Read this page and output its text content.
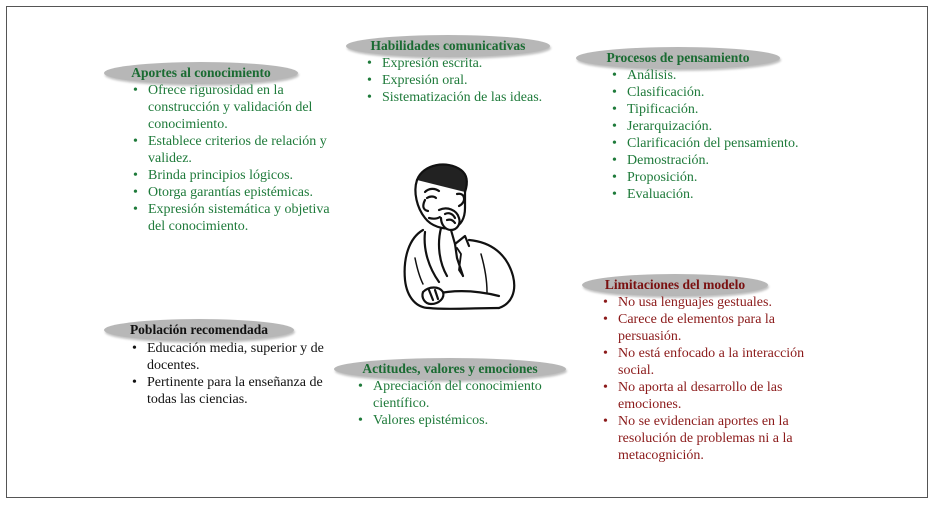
Aportes al conocimiento
• Ofrece rigurosidad en la construcción y validación del conocimiento.
• Establece criterios de relación y validez.
• Brinda principios lógicos.
• Otorga garantías epistémicas.
• Expresión sistemática y objetiva del conocimiento.
Habilidades comunicativas
• Expresión escrita.
• Expresión oral.
• Sistematización de las ideas.
Procesos de pensamiento
• Análisis.
• Clasificación.
• Tipificación.
• Jerarquización.
• Clarificación del pensamiento.
• Demostración.
• Proposición.
• Evaluación.
Limitaciones del modelo
• No usa lenguajes gestuales.
• Carece de elementos para la persuasión.
• No está enfocado a la interacción social.
• No aporta al desarrollo de las emociones.
• No se evidencian aportes en la resolución de problemas ni a la metacognición.
Población recomendada
• Educación media, superior y de docentes.
• Pertinente para la enseñanza de todas las ciencias.
Actitudes, valores y emociones
• Apreciación del conocimiento científico.
• Valores epistémicos.
